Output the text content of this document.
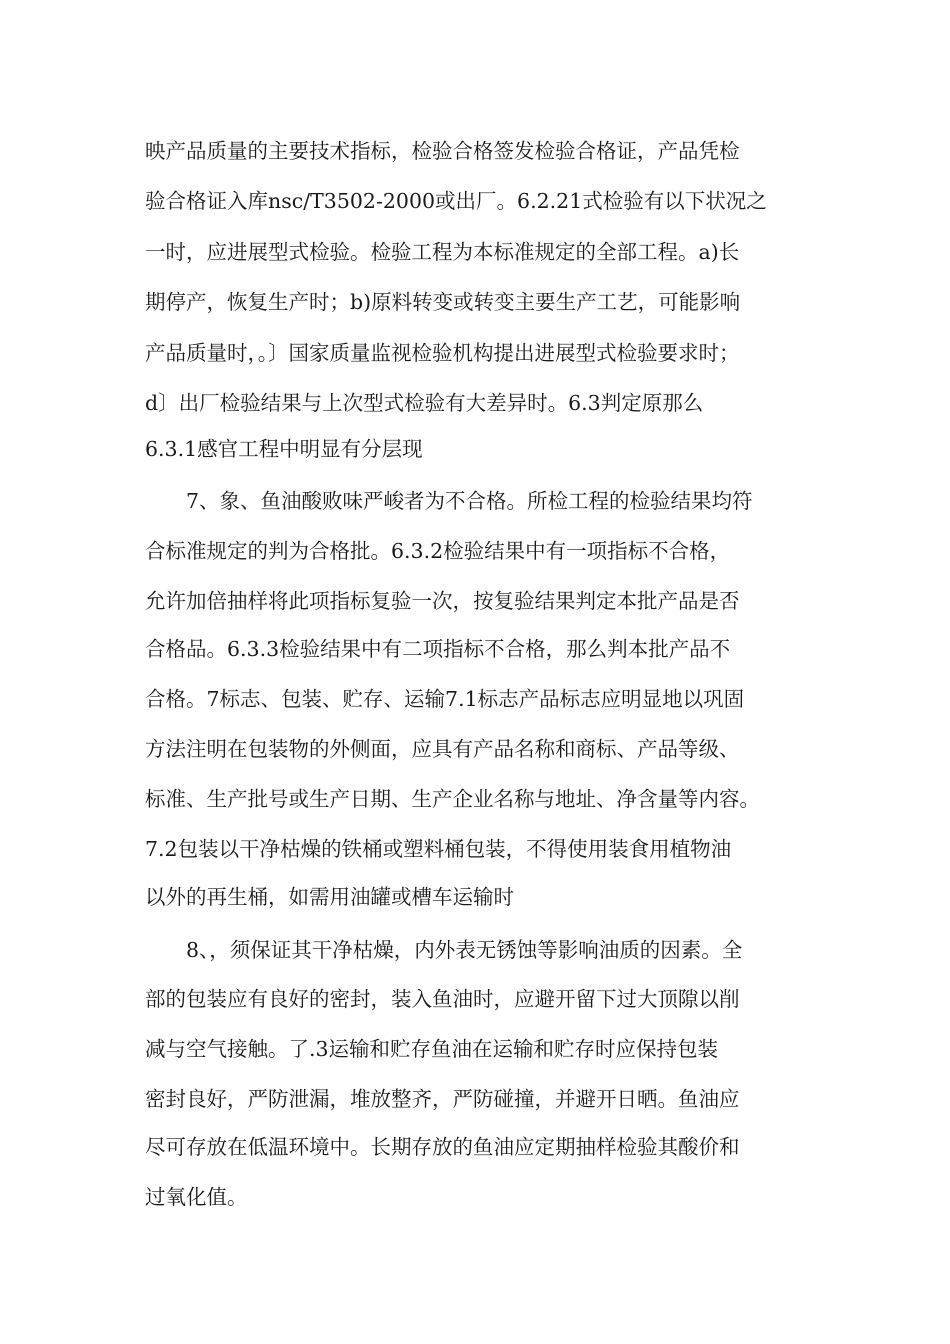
映产品质量的主要技术指标，检验合格签发检验合格证，产品凭检
验合格证入库nsc/T3502-2000或出厂。6.2.21式检验有以下状况之
一时，应进展型式检验。检验工程为本标准规定的全部工程。a)长
期停产，恢复生产时；b)原料转变或转变主要生产工艺，可能影响
产品质量时，。〕国家质量监视检验机构提出进展型式检验要求时；
d〕出厂检验结果与上次型式检验有大差异时。6.3判定原那么
6.3.1感官工程中明显有分层现
7、象、鱼油酸败味严峻者为不合格。所检工程的检验结果均符
合标准规定的判为合格批。6.3.2检验结果中有一项指标不合格，
允许加倍抽样将此项指标复验一次，按复验结果判定本批产品是否
合格品。6.3.3检验结果中有二项指标不合格，那么判本批产品不
合格。7标志、包装、贮存、运输7.1标志产品标志应明显地以巩固
方法注明在包装物的外侧面，应具有产品名称和商标、产品等级、
标准、生产批号或生产日期、生产企业名称与地址、净含量等内容。
7.2包装以干净枯燥的铁桶或塑料桶包装，不得使用装食用植物油
以外的再生桶，如需用油罐或槽车运输时
8、，须保证其干净枯燥，内外表无锈蚀等影响油质的因素。全
部的包装应有良好的密封，装入鱼油时，应避开留下过大顶隙以削
减与空气接触。了.3运输和贮存鱼油在运输和贮存时应保持包装
密封良好，严防泄漏，堆放整齐，严防碰撞，并避开日晒。鱼油应
尽可存放在低温环境中。长期存放的鱼油应定期抽样检验其酸价和
过氧化值。
